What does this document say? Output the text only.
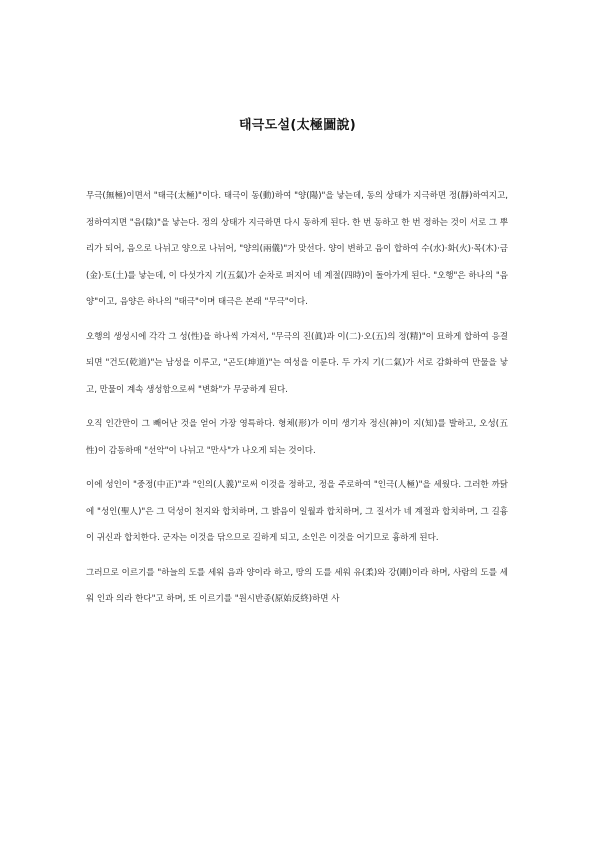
태극도설(太極圖說)

무극(無極)이면서 "태극(太極)"이다. 태극이 동(動)하여 "양(陽)"을 낳는데, 동의 상태가 지극하면 정(靜)하여지고, 정하여지면 "음(陰)"을 낳는다. 정의 상태가 지극하면 다시 동하게 된다. 한 번 동하고 한 번 정하는 것이 서로 그 뿌리가 되어, 음으로 나뉘고 양으로 나뉘어, "양의(兩儀)"가 맞선다. 양이 변하고 음이 합하여 수(水)·화(火)·목(木)·금(金)·토(土)를 낳는데, 이 다섯가지 기(五氣)가 순차로 퍼지어 네 계절(四時)이 돌아가게 된다. "오행"은 하나의 "음양"이고, 음양은 하나의 "태극"이며 태극은 본래 "무극"이다.

오행의 생성시에 각각 그 성(性)을 하나씩 가져서, "무극의 진(眞)과 이(二)·오(五)의 정(精)"이 묘하게 합하여 응결되면 "건도(乾道)"는 남성을 이루고, "곤도(坤道)"는 여성을 이룬다. 두 가지 기(二氣)가 서로 감화하여 만물을 낳고, 만물이 계속 생성함으로써 "변화"가 무궁하게 된다.

오직 인간만이 그 빼어난 것을 얻어 가장 영특하다. 형체(形)가 이미 생기자 정신(神)이 지(知)를 발하고, 오성(五性)이 감동하매 "선악"이 나뉘고 "만사"가 나오게 되는 것이다.

이에 성인이 "중정(中正)"과 "인의(人義)"로써 이것을 정하고, 정을 주로하여 "인극(人極)"을 세웠다. 그러한 까닭에 "성인(聖人)"은 그 덕성이 천지와 합치하며, 그 밝음이 일월과 합치하며, 그 질서가 네 계절과 합치하며, 그 길흉이 귀신과 합치한다. 군자는 이것을 닦으므로 길하게 되고, 소인은 이것을 어기므로 흉하게 된다.

그러므로 이르기를 "하늘의 도를 세워 음과 양이라 하고, 땅의 도를 세워 유(柔)와 강(剛)이라 하며, 사람의 도를 세워 인과 의라 한다"고 하며, 또 이르기를 "원시반종(原始反終)하면 사
